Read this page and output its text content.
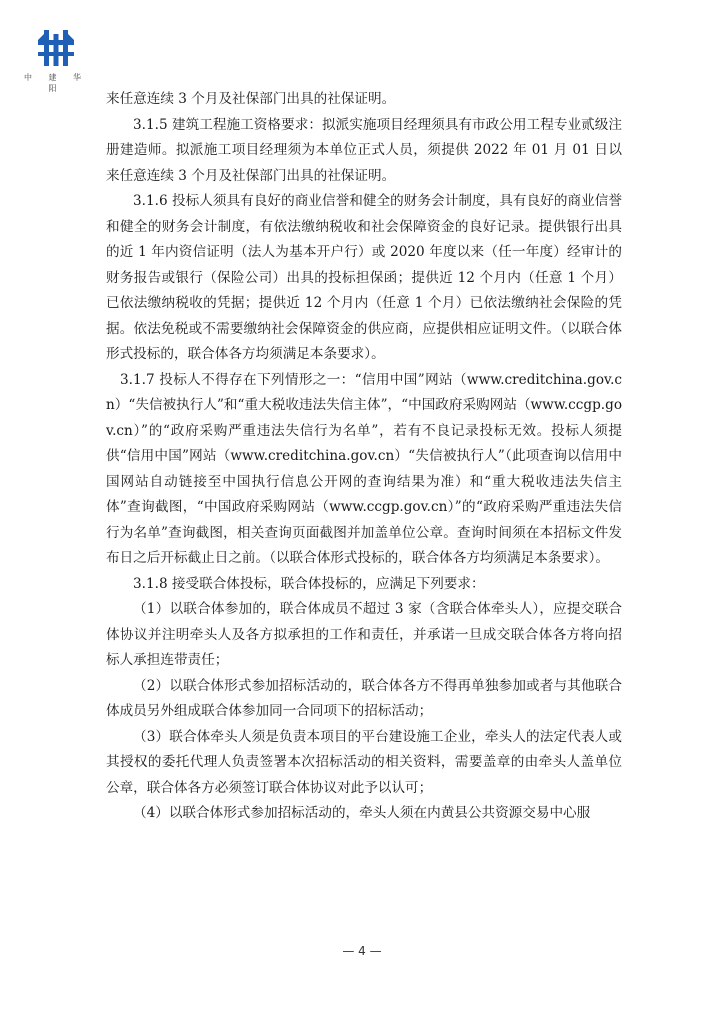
中 建 华 阳

来任意连续 3 个月及社保部门出具的社保证明。

3.1.5 建筑工程施工资格要求：拟派实施项目经理须具有市政公用工程专业贰级注册建造师。拟派施工项目经理须为本单位正式人员，须提供 2022 年 01 月 01 日以来任意连续 3 个月及社保部门出具的社保证明。

3.1.6 投标人须具有良好的商业信誉和健全的财务会计制度，具有良好的商业信誉和健全的财务会计制度，有依法缴纳税收和社会保障资金的良好记录。提供银行出具的近 1 年内资信证明（法人为基本开户行）或 2020 年度以来（任一年度）经审计的财务报告或银行（保险公司）出具的投标担保函；提供近 12 个月内（任意 1 个月）已依法缴纳税收的凭据；提供近 12 个月内（任意 1 个月）已依法缴纳社会保险的凭据。依法免税或不需要缴纳社会保障资金的供应商，应提供相应证明文件。（以联合体形式投标的，联合体各方均须满足本条要求）。

3.1.7 投标人不得存在下列情形之一：“信用中国”网站（www.creditchina.gov.cn）“失信被执行人”和“重大税收违法失信主体”，“中国政府采购网站（www.ccgp.gov.cn）”的“政府采购严重违法失信行为名单”，若有不良记录投标无效。投标人须提供“信用中国”网站（www.creditchina.gov.cn）“失信被执行人”（此项查询以信用中国网站自动链接至中国执行信息公开网的查询结果为准）和“重大税收违法失信主体”查询截图，“中国政府采购网站（www.ccgp.gov.cn）”的“政府采购严重违法失信行为名单”查询截图，相关查询页面截图并加盖单位公章。查询时间须在本招标文件发布日之后开标截止日之前。（以联合体形式投标的，联合体各方均须满足本条要求）。

3.1.8 接受联合体投标，联合体投标的，应满足下列要求：

（1）以联合体参加的，联合体成员不超过 3 家（含联合体牵头人），应提交联合体协议并注明牵头人及各方拟承担的工作和责任，并承诺一旦成交联合体各方将向招标人承担连带责任；

（2）以联合体形式参加招标活动的，联合体各方不得再单独参加或者与其他联合体成员另外组成联合体参加同一合同项下的招标活动；

（3）联合体牵头人须是负责本项目的平台建设施工企业，牵头人的法定代表人或其授权的委托代理人负责签署本次招标活动的相关资料，需要盖章的由牵头人盖单位公章，联合体各方必须签订联合体协议对此予以认可；

（4）以联合体形式参加招标活动的，牵头人须在内黄县公共资源交易中心服

— 4 —
